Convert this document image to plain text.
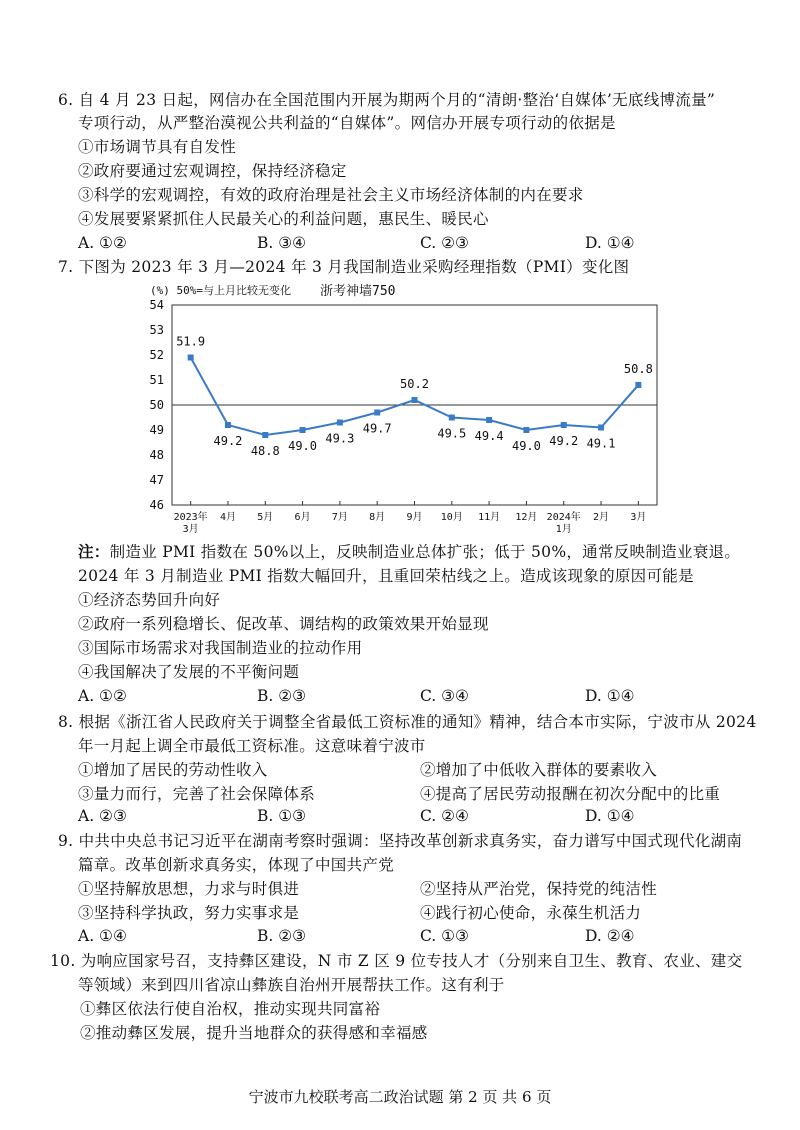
6. 自 4 月 23 日起，网信办在全国范围内开展为期两个月的“清朗·整治‘自媒体’无底线博流量”
专项行动，从严整治漠视公共利益的“自媒体”。网信办开展专项行动的依据是
①市场调节具有自发性
②政府要通过宏观调控，保持经济稳定
③科学的宏观调控，有效的政府治理是社会主义市场经济体制的内在要求
④发展要紧紧抓住人民最关心的利益问题，惠民生、暖民心
A. ①②	B. ③④	C. ②③	D. ①④
7. 下图为 2023 年 3 月—2024 年 3 月我国制造业采购经理指数（PMI）变化图
(%) 50%=与上月比较无变化 浙考神墙750
46
47
48
49
50
51
52
53
54
2023年
3月
4月 5月 6月 7月 8月 9月 10月 11月 12月 2024年
1月
2月 3月
51.9
49.2
48.8 49.0
49.3
49.7
50.2
49.5 49.4
49.0 49.2 49.1
50.8
注：制造业 PMI 指数在 50%以上，反映制造业总体扩张；低于 50%，通常反映制造业衰退。
2024 年 3 月制造业 PMI 指数大幅回升，且重回荣枯线之上。造成该现象的原因可能是
①经济态势回升向好
②政府一系列稳增长、促改革、调结构的政策效果开始显现
③国际市场需求对我国制造业的拉动作用
④我国解决了发展的不平衡问题
A. ①②	B. ②③	C. ③④	D. ①④
8. 根据《浙江省人民政府关于调整全省最低工资标准的通知》精神，结合本市实际，宁波市从 2024
年一月起上调全市最低工资标准。这意味着宁波市
①增加了居民的劳动性收入	②增加了中低收入群体的要素收入
③量力而行，完善了社会保障体系	④提高了居民劳动报酬在初次分配中的比重
A. ②③	B. ①③	C. ②④	D. ①④
9. 中共中央总书记习近平在湖南考察时强调：坚持改革创新求真务实，奋力谱写中国式现代化湖南
篇章。改革创新求真务实，体现了中国共产党
①坚持解放思想，力求与时俱进	②坚持从严治党，保持党的纯洁性
③坚持科学执政，努力实事求是	④践行初心使命，永葆生机活力
A. ①④	B. ②③	C. ①③	D. ②④
10. 为响应国家号召，支持彝区建设，N 市 Z 区 9 位专技人才（分别来自卫生、教育、农业、建交
等领域）来到四川省凉山彝族自治州开展帮扶工作。这有利于
①彝区依法行使自治权，推动实现共同富裕
②推动彝区发展，提升当地群众的获得感和幸福感
宁波市九校联考高二政治试题 第 2 页 共 6 页
